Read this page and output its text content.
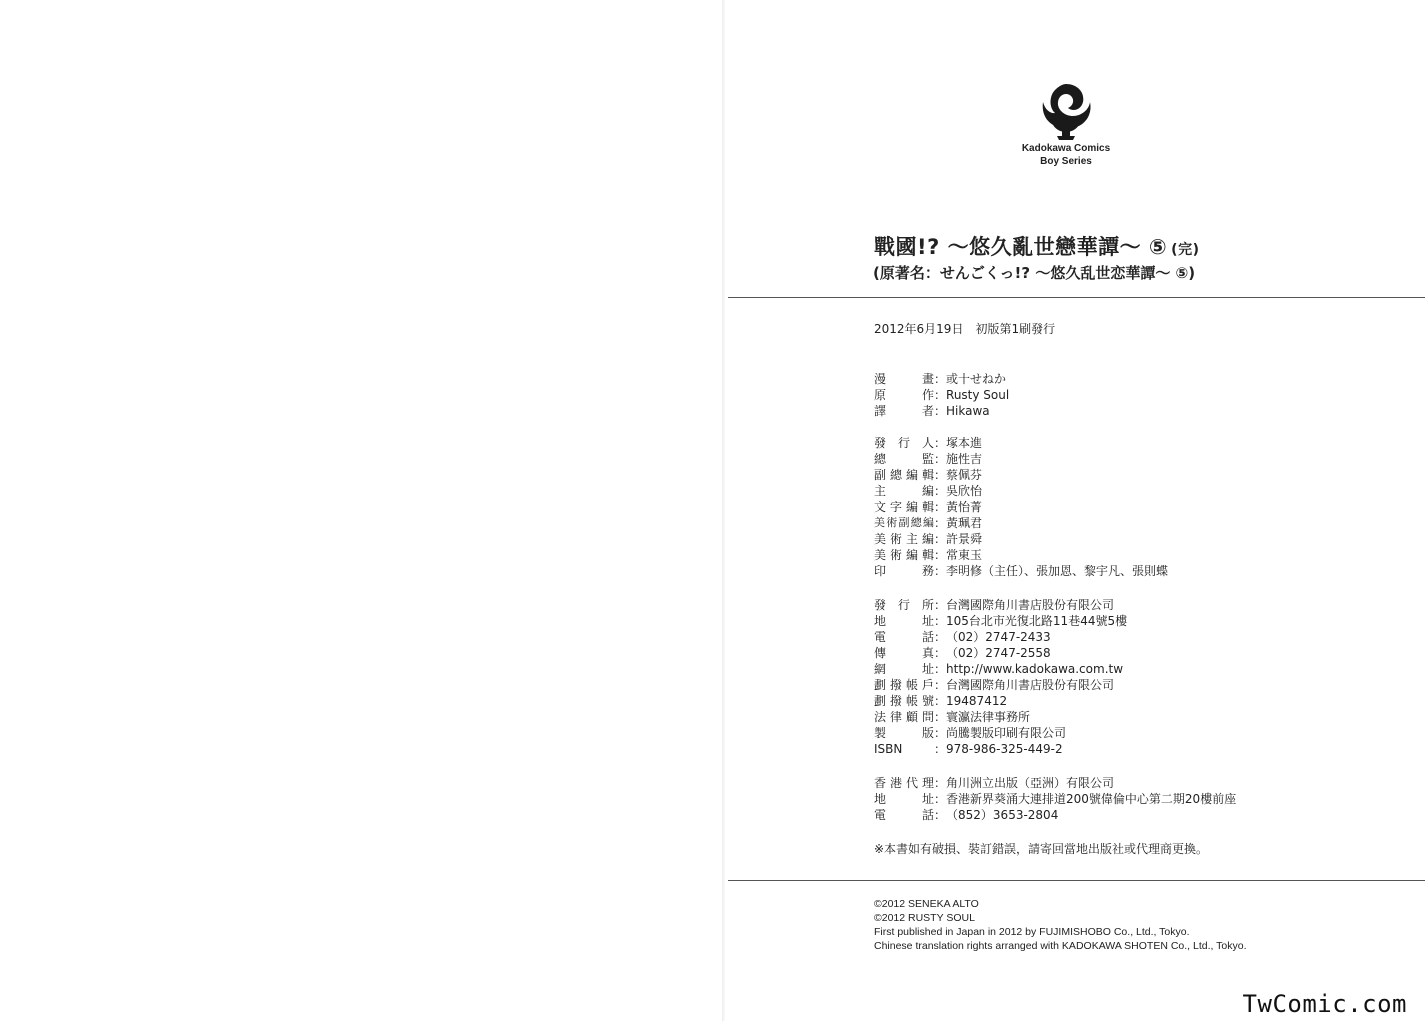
Kadokawa Comics
Boy Series
戰國!? ～悠久亂世戀華譚～ ⑤ (完)
(原著名：せんごくっ!? ～悠久乱世恋華譚～ ⑤)
2012年6月19日　初版第1刷發行
漫畫 ： 或十せねか
原作 ： Rusty Soul
譯者 ： Hikawa
發行人 ： 塚本進
總監 ： 施性吉
副總編輯 ： 蔡佩芬
主編 ： 吳欣怡
文字編輯 ： 黃怡菁
美術副總編 ： 黃珮君
美術主編 ： 許景舜
美術編輯 ： 常東玉
印務 ： 李明修（主任）、張加恩、黎宇凡、張則蝶
發行所 ： 台灣國際角川書店股份有限公司
地址 ： 105台北市光復北路11巷44號5樓
電話 ： （02）2747-2433
傳真 ： （02）2747-2558
網址 ： http://www.kadokawa.com.tw
劃撥帳戶 ： 台灣國際角川書店股份有限公司
劃撥帳號 ： 19487412
法律顧問 ： 寰瀛法律事務所
製版 ： 尚騰製版印刷有限公司
ISBN	： 978-986-325-449-2
香港代理 ： 角川洲立出版（亞洲）有限公司
地址 ： 香港新界葵涌大連排道200號偉倫中心第二期20樓前座
電話 ： （852）3653-2804
※本書如有破損、裝訂錯誤，請寄回當地出版社或代理商更換。
©2012 SENEKA ALTO
©2012 RUSTY SOUL
First published in Japan in 2012 by FUJIMISHOBO Co., Ltd., Tokyo.
Chinese translation rights arranged with KADOKAWA SHOTEN Co., Ltd., Tokyo.
TwComic.com
